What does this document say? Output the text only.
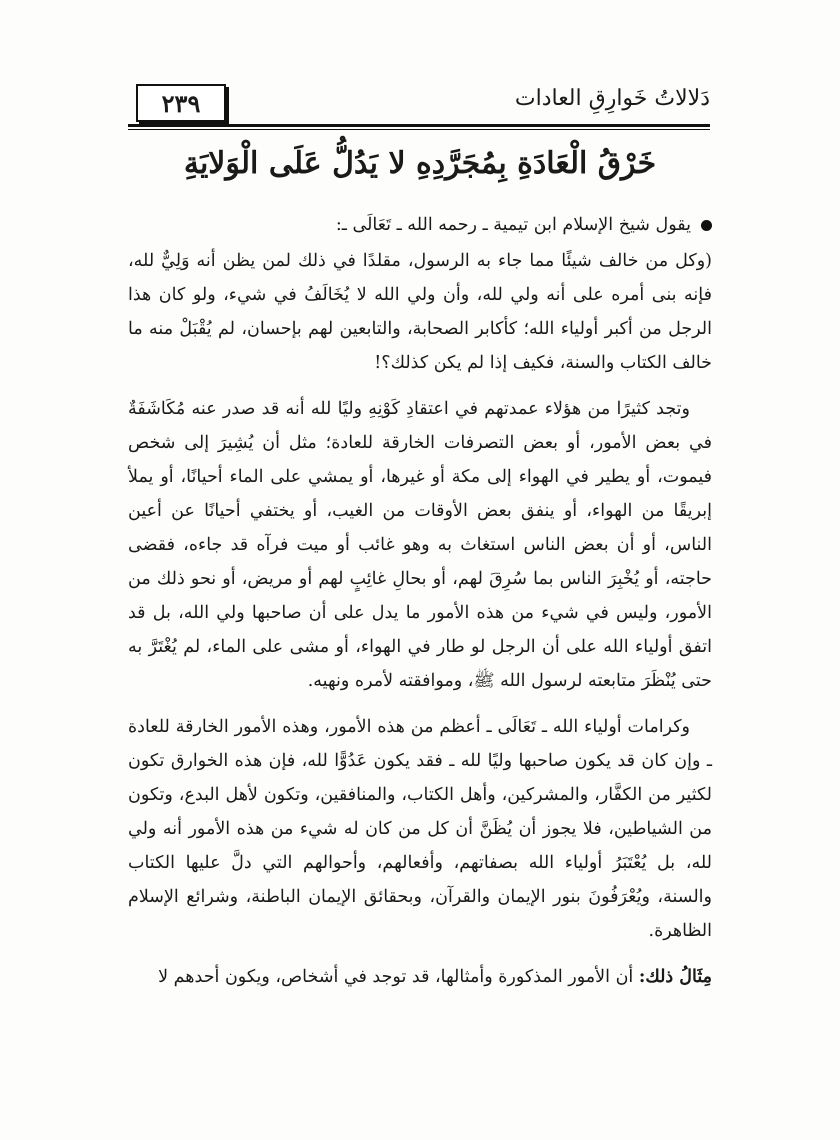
٢٣٩	دَلالاتُ خَوارِقِ العادات
خَرْقُ الْعَادَةِ بِمُجَرَّدِهِ لا يَدُلُّ عَلَى الْوَلايَةِ
يقول شيخ الإسلام ابن تيمية ـ رحمه الله ـ تَعَالَى ـ:

(وكل من خالف شيئًا مما جاء به الرسول، مقلدًا في ذلك لمن يظن أنه وَلِيٌّ لله، فإنه بنى أمره على أنه ولي لله، وأن ولي الله لا يُخَالَفُ في شيء، ولو كان هذا الرجل من أكبر أولياء الله؛ كأكابر الصحابة، والتابعين لهم بإحسان، لم يُقْبَلْ منه ما خالف الكتاب والسنة، فكيف إذا لم يكن كذلك؟!

وتجد كثيرًا من هؤلاء عمدتهم في اعتقادِ كَوْنِهِ وليًا لله أنه قد صدر عنه مُكَاشَفَةٌ في بعض الأمور، أو بعض التصرفات الخارقة للعادة؛ مثل أن يُشِيرَ إلى شخص فيموت، أو يطير في الهواء إلى مكة أو غيرها، أو يمشي على الماء أحيانًا، أو يملأ إبريقًا من الهواء، أو ينفق بعض الأوقات من الغيب، أو يختفي أحيانًا عن أعين الناس، أو أن بعض الناس استغاث به وهو غائب أو ميت فرآه قد جاءه، فقضى حاجته، أو يُخْبِرَ الناس بما سُرِقَ لهم، أو بحالِ غائِبٍ لهم أو مريض، أو نحو ذلك من الأمور، وليس في شيء من هذه الأمور ما يدل على أن صاحبها ولي الله، بل قد اتفق أولياء الله على أن الرجل لو طار في الهواء، أو مشى على الماء، لم يُغْتَرَّ به حتى يُنْظَرَ متابعته لرسول الله ﷺ، وموافقته لأمره ونهيه.

وكرامات أولياء الله ـ تَعَالَى ـ أعظم من هذه الأمور، وهذه الأمور الخارقة للعادة ـ وإن كان قد يكون صاحبها وليًا لله ـ فقد يكون عَدُوًّا لله، فإن هذه الخوارق تكون لكثير من الكفَّار، والمشركين، وأهل الكتاب، والمنافقين، وتكون لأهل البدع، وتكون من الشياطين، فلا يجوز أن يُظَنَّ أن كل من كان له شيء من هذه الأمور أنه ولي لله، بل يُعْتَبَرُ أولياء الله بصفاتهم، وأفعالهم، وأحوالهم التي دلَّ عليها الكتاب والسنة، ويُعْرَفُونَ بنور الإيمان والقرآن، وبحقائق الإيمان الباطنة، وشرائع الإسلام الظاهرة.

مِثَالُ ذلك: أن الأمور المذكورة وأمثالها، قد توجد في أشخاص، ويكون أحدهم لا
